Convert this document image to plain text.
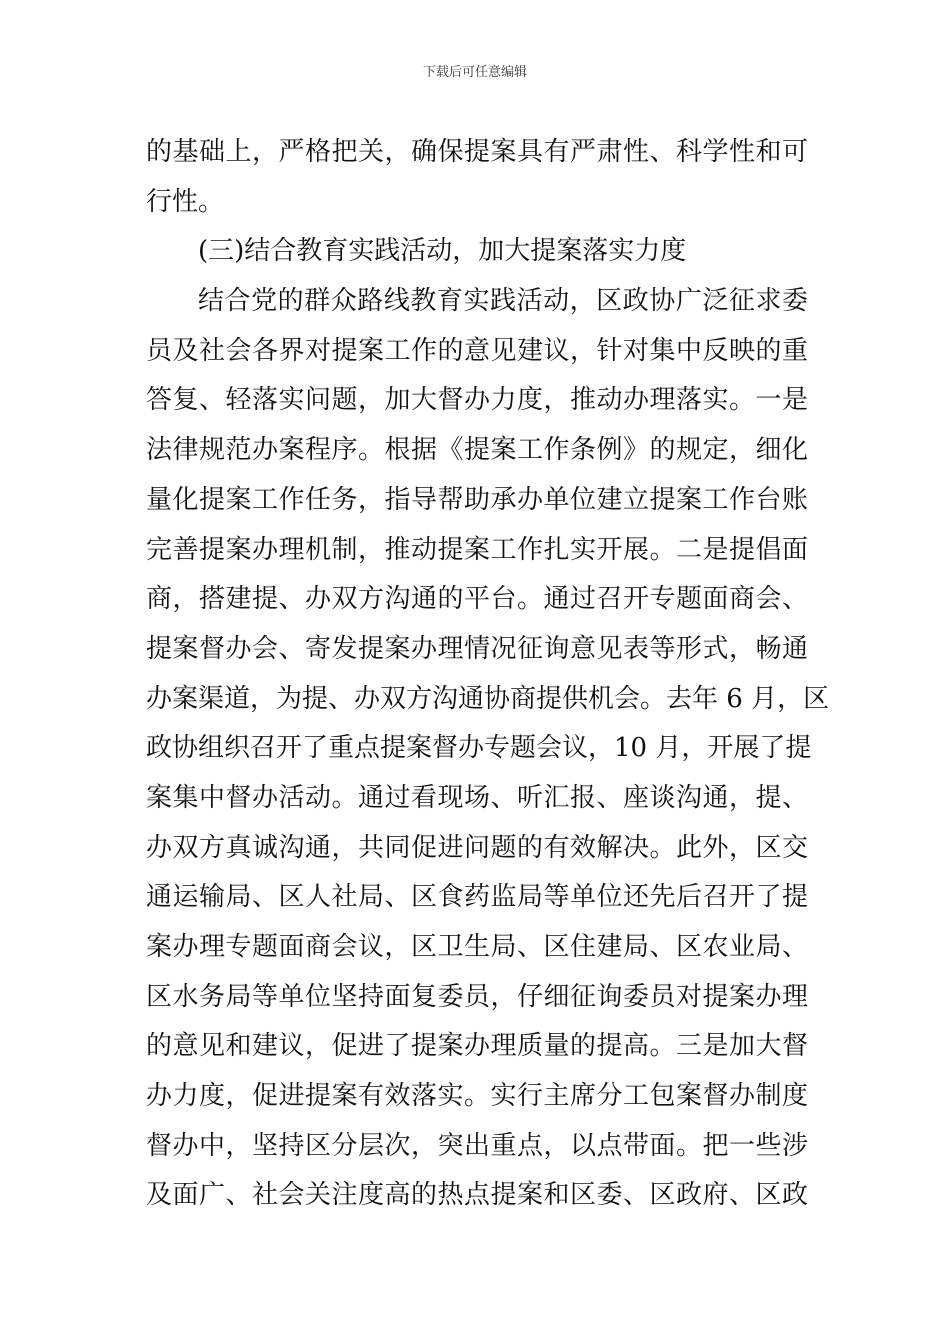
下载后可任意编辑
的基础上，严格把关，确保提案具有严肃性、科学性和可
行性。
(三)结合教育实践活动，加大提案落实力度
结合党的群众路线教育实践活动，区政协广泛征求委
员及社会各界对提案工作的意见建议，针对集中反映的重
答复、轻落实问题，加大督办力度，推动办理落实。一是
法律规范办案程序。根据《提案工作条例》的规定，细化
量化提案工作任务，指导帮助承办单位建立提案工作台账
完善提案办理机制，推动提案工作扎实开展。二是提倡面
商，搭建提、办双方沟通的平台。通过召开专题面商会、
提案督办会、寄发提案办理情况征询意见表等形式，畅通
办案渠道，为提、办双方沟通协商提供机会。去年 6 月，区
政协组织召开了重点提案督办专题会议，10 月，开展了提
案集中督办活动。通过看现场、听汇报、座谈沟通，提、
办双方真诚沟通，共同促进问题的有效解决。此外，区交
通运输局、区人社局、区食药监局等单位还先后召开了提
案办理专题面商会议，区卫生局、区住建局、区农业局、
区水务局等单位坚持面复委员，仔细征询委员对提案办理
的意见和建议，促进了提案办理质量的提高。三是加大督
办力度，促进提案有效落实。实行主席分工包案督办制度
督办中，坚持区分层次，突出重点，以点带面。把一些涉
及面广、社会关注度高的热点提案和区委、区政府、区政
